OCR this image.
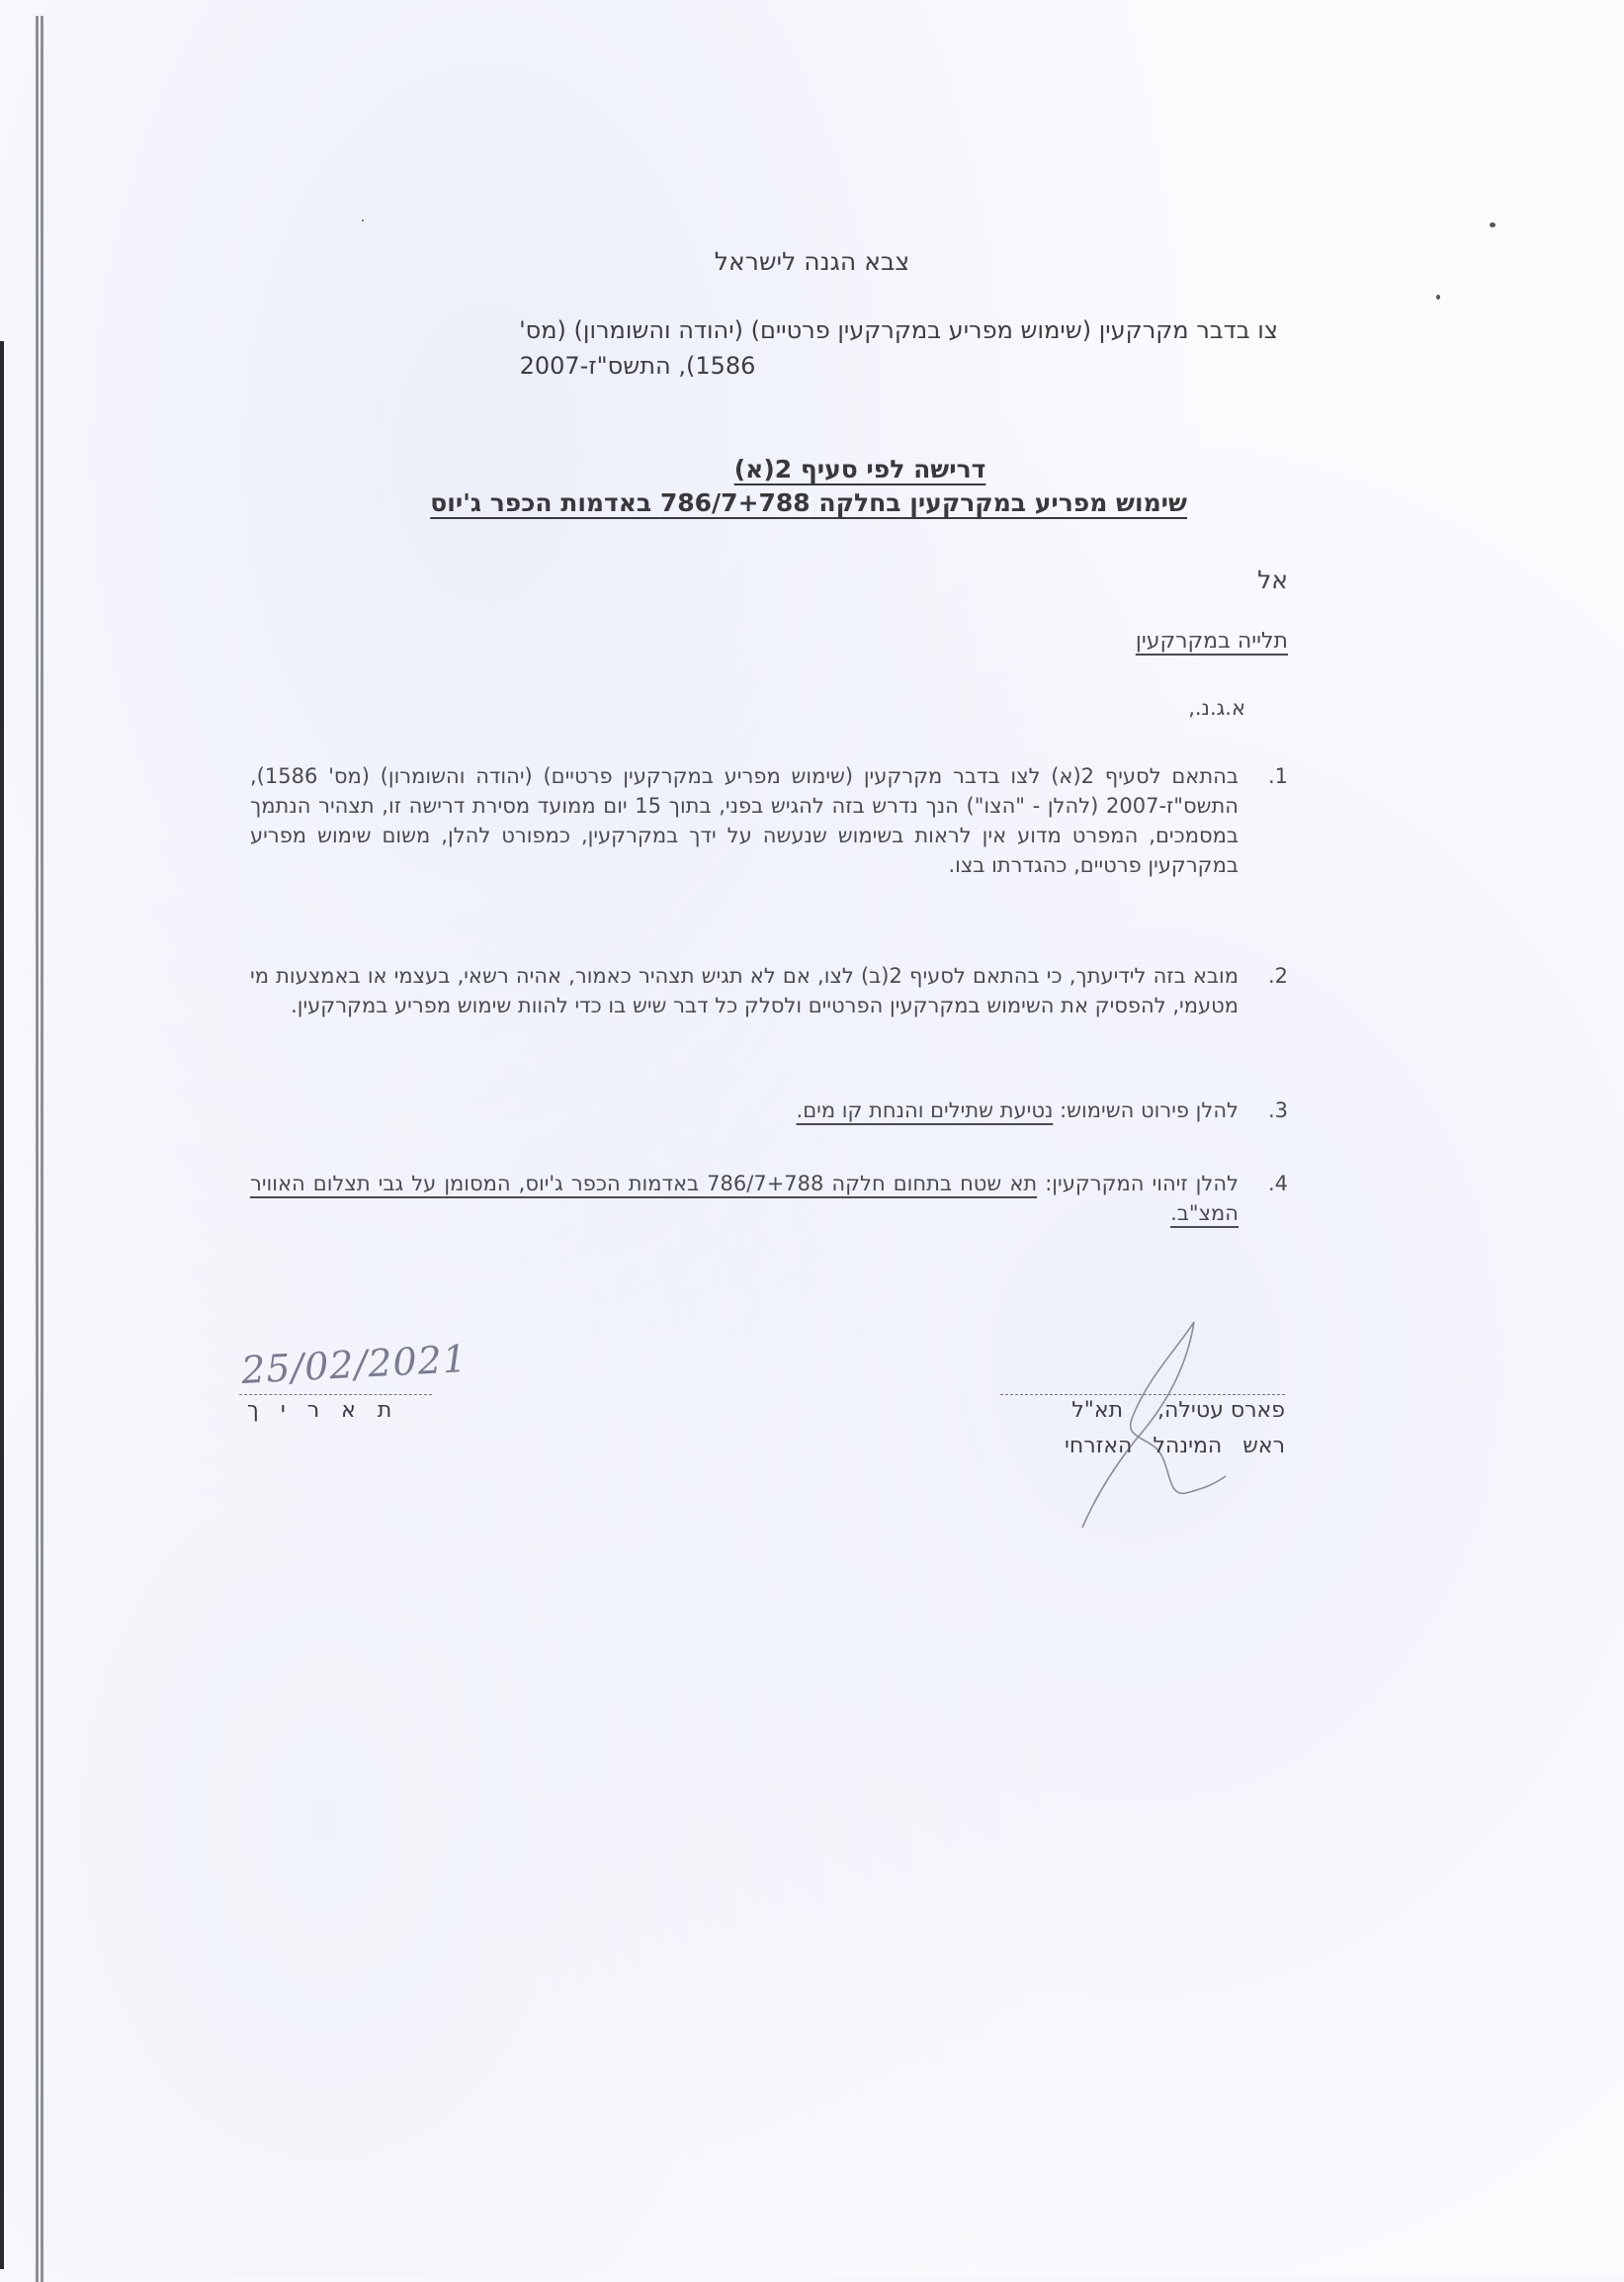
צבא הגנה לישראל
צו בדבר מקרקעין (שימוש מפריע במקרקעין פרטיים) (יהודה והשומרון) (מס'
1586), התשס"ז-2007
דרישה לפי סעיף 2(א)
שימוש מפריע במקרקעין בחלקה 786/7+788 באדמות הכפר ג'יוס
אל
תלייה במקרקעין
א.ג.נ.,
1.
בהתאם לסעיף 2(א) לצו בדבר מקרקעין (שימוש מפריע במקרקעין פרטיים) (יהודה והשומרון) (מס' 1586), התשס"ז-2007 (להלן - "הצו") הנך נדרש בזה להגיש בפני, בתוך 15 יום ממועד מסירת דרישה זו, תצהיר הנתמך במסמכים, המפרט מדוע אין לראות בשימוש שנעשה על ידך במקרקעין, כמפורט להלן, משום שימוש מפריע במקרקעין פרטיים, כהגדרתו בצו.
2.
מובא בזה לידיעתך, כי בהתאם לסעיף 2(ב) לצו, אם לא תגיש תצהיר כאמור, אהיה רשאי, בעצמי או באמצעות מי מטעמי, להפסיק את השימוש במקרקעין הפרטיים ולסלק כל דבר שיש בו כדי להוות שימוש מפריע במקרקעין.
3.
להלן פירוט השימוש: נטיעת שתילים והנחת קו מים.
4.
להלן זיהוי המקרקעין: תא שטח בתחום חלקה 786/7+788 באדמות הכפר ג'יוס, המסומן על גבי תצלום האוויר המצ"ב.
25/02/2021
תאריך	פארס עטילה,     תא"ל
ראש   המינהל   האזרחי
